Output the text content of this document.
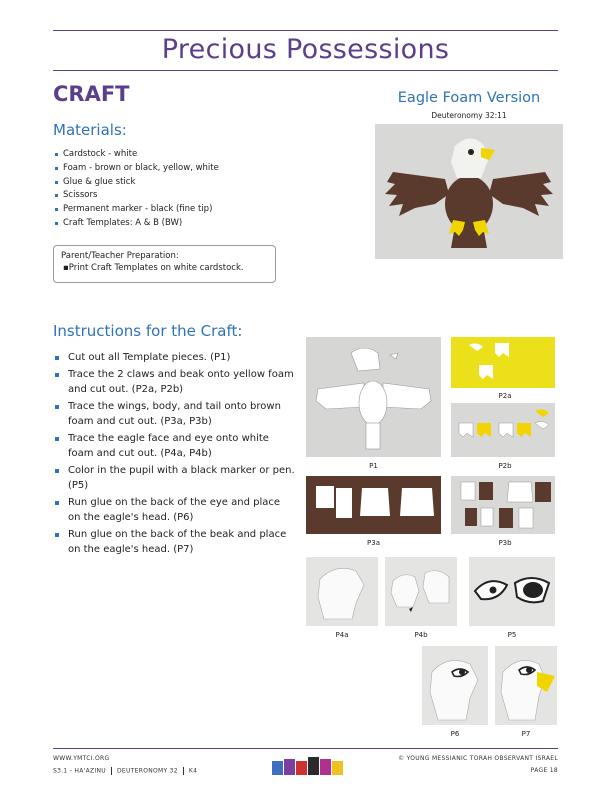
Precious Possessions
CRAFT
Materials:
Cardstock - white
Foam - brown or black, yellow, white
Glue & glue stick
Scissors
Permanent marker - black (fine tip)
Craft Templates: A & B (BW)
Parent/Teacher Preparation:
▪Print Craft Templates on white cardstock.
Eagle Foam Version
Deuteronomy 32:11
Instructions for the Craft:
Cut out all Template pieces. (P1)
Trace the 2 claws and beak onto yellow foam and cut out. (P2a, P2b)
Trace the wings, body, and tail onto brown foam and cut out. (P3a, P3b)
Trace the eagle face and eye onto white foam and cut out. (P4a, P4b)
Color in the pupil with a black marker or pen. (P5)
Run glue on the back of the eye and place on the eagle's head. (P6)
Run glue on the back of the beak and place on the eagle's head. (P7)
P1
P2a
P2b
P3a	P3b
P4a	P4b	P5
P6	P7
WWW.YMTCI.ORG
S3.1 - HA'AZINU DEUTERONOMY 32 K4
© YOUNG MESSIANIC TORAH OBSERVANT ISRAEL
PAGE 18
